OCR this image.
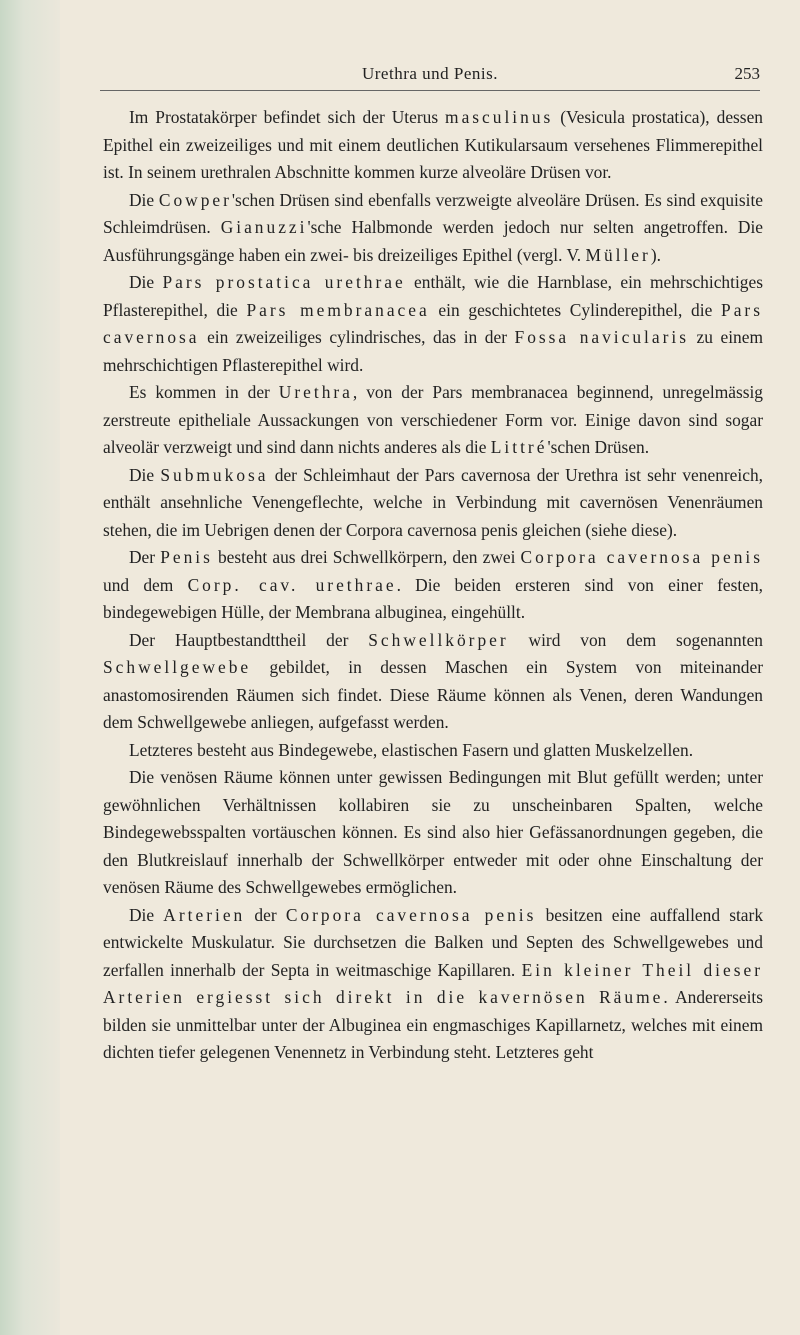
Urethra und Penis.	253

Im Prostatakörper befindet sich der Uterus masculinus (Vesicula prostatica), dessen Epithel ein zweizeiliges und mit einem deutlichen Kutikularsaum versehenes Flimmerepithel ist. In seinem urethralen Abschnitte kommen kurze alveoläre Drüsen vor.

Die Cowper'schen Drüsen sind ebenfalls verzweigte alveoläre Drüsen. Es sind exquisite Schleimdrüsen. Gianuzzi'sche Halbmonde werden jedoch nur selten angetroffen. Die Ausführungsgänge haben ein zwei- bis dreizeiliges Epithel (vergl. V. Müller).

Die Pars prostatica urethrae enthält, wie die Harnblase, ein mehrschichtiges Pflasterepithel, die Pars membranacea ein geschichtetes Cylinderepithel, die Pars cavernosa ein zweizeiliges cylindrisches, das in der Fossa navicularis zu einem mehrschichtigen Pflasterepithel wird.

Es kommen in der Urethra, von der Pars membranacea beginnend, unregelmässig zerstreute epitheliale Aussackungen von verschiedener Form vor. Einige davon sind sogar alveolär verzweigt und sind dann nichts anderes als die Littré'schen Drüsen.

Die Submukosa der Schleimhaut der Pars cavernosa der Urethra ist sehr venenreich, enthält ansehnliche Venengeflechte, welche in Verbindung mit cavernösen Venenräumen stehen, die im Uebrigen denen der Corpora cavernosa penis gleichen (siehe diese).

Der Penis besteht aus drei Schwellkörpern, den zwei Corpora cavernosa penis und dem Corp. cav. urethrae. Die beiden ersteren sind von einer festen, bindegewebigen Hülle, der Membrana albuginea, eingehüllt.

Der Hauptbestandttheil der Schwellkörper wird von dem sogenannten Schwellgewebe gebildet, in dessen Maschen ein System von miteinander anastomosirenden Räumen sich findet. Diese Räume können als Venen, deren Wandungen dem Schwellgewebe anliegen, aufgefasst werden.

Letzteres besteht aus Bindegewebe, elastischen Fasern und glatten Muskelzellen.

Die venösen Räume können unter gewissen Bedingungen mit Blut gefüllt werden; unter gewöhnlichen Verhältnissen kollabiren sie zu unscheinbaren Spalten, welche Bindegewebsspalten vortäuschen können. Es sind also hier Gefässanordnungen gegeben, die den Blutkreislauf innerhalb der Schwellkörper entweder mit oder ohne Einschaltung der venösen Räume des Schwellgewebes ermöglichen.

Die Arterien der Corpora cavernosa penis besitzen eine auffallend stark entwickelte Muskulatur. Sie durchsetzen die Balken und Septen des Schwellgewebes und zerfallen innerhalb der Septa in weitmaschige Kapillaren. Ein kleiner Theil dieser Arterien ergiesst sich direkt in die kavernösen Räume. Andererseits bilden sie unmittelbar unter der Albuginea ein engmaschiges Kapillarnetz, welches mit einem dichten tiefer gelegenen Venennetz in Verbindung steht. Letzteres geht
